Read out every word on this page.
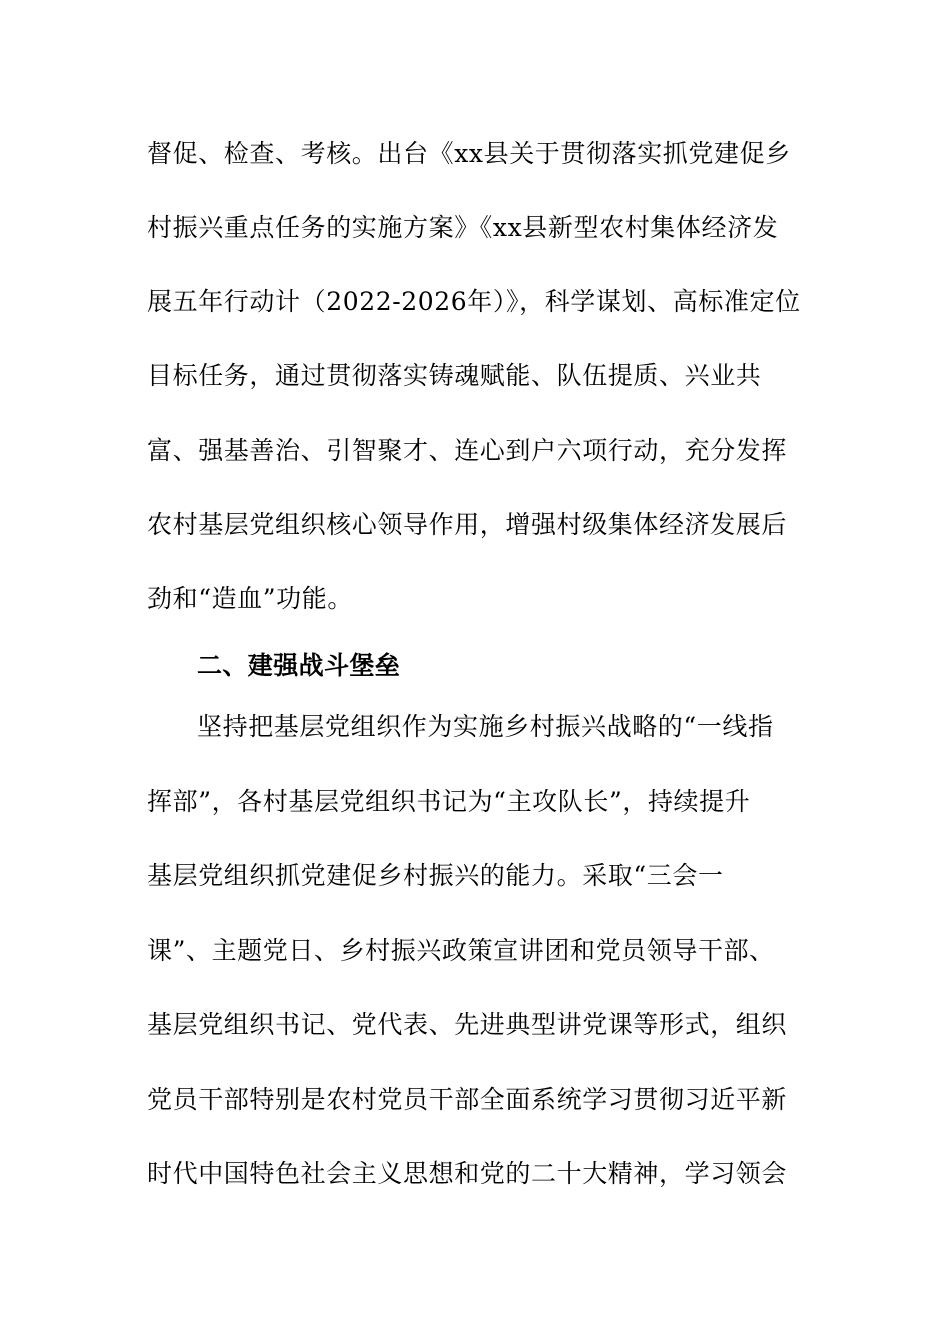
督促、检查、考核。出台《xx县关于贯彻落实抓党建促乡
村振兴重点任务的实施方案》《xx县新型农村集体经济发
展五年行动计（2022-2026年）》，科学谋划、高标准定位
目标任务，通过贯彻落实铸魂赋能、队伍提质、兴业共
富、强基善治、引智聚才、连心到户六项行动，充分发挥
农村基层党组织核心领导作用，增强村级集体经济发展后
劲和“造血”功能。
二、建强战斗堡垒
坚持把基层党组织作为实施乡村振兴战略的“一线指
挥部”，各村基层党组织书记为“主攻队长”，持续提升
基层党组织抓党建促乡村振兴的能力。采取“三会一
课”、主题党日、乡村振兴政策宣讲团和党员领导干部、
基层党组织书记、党代表、先进典型讲党课等形式，组织
党员干部特别是农村党员干部全面系统学习贯彻习近平新
时代中国特色社会主义思想和党的二十大精神，学习领会
